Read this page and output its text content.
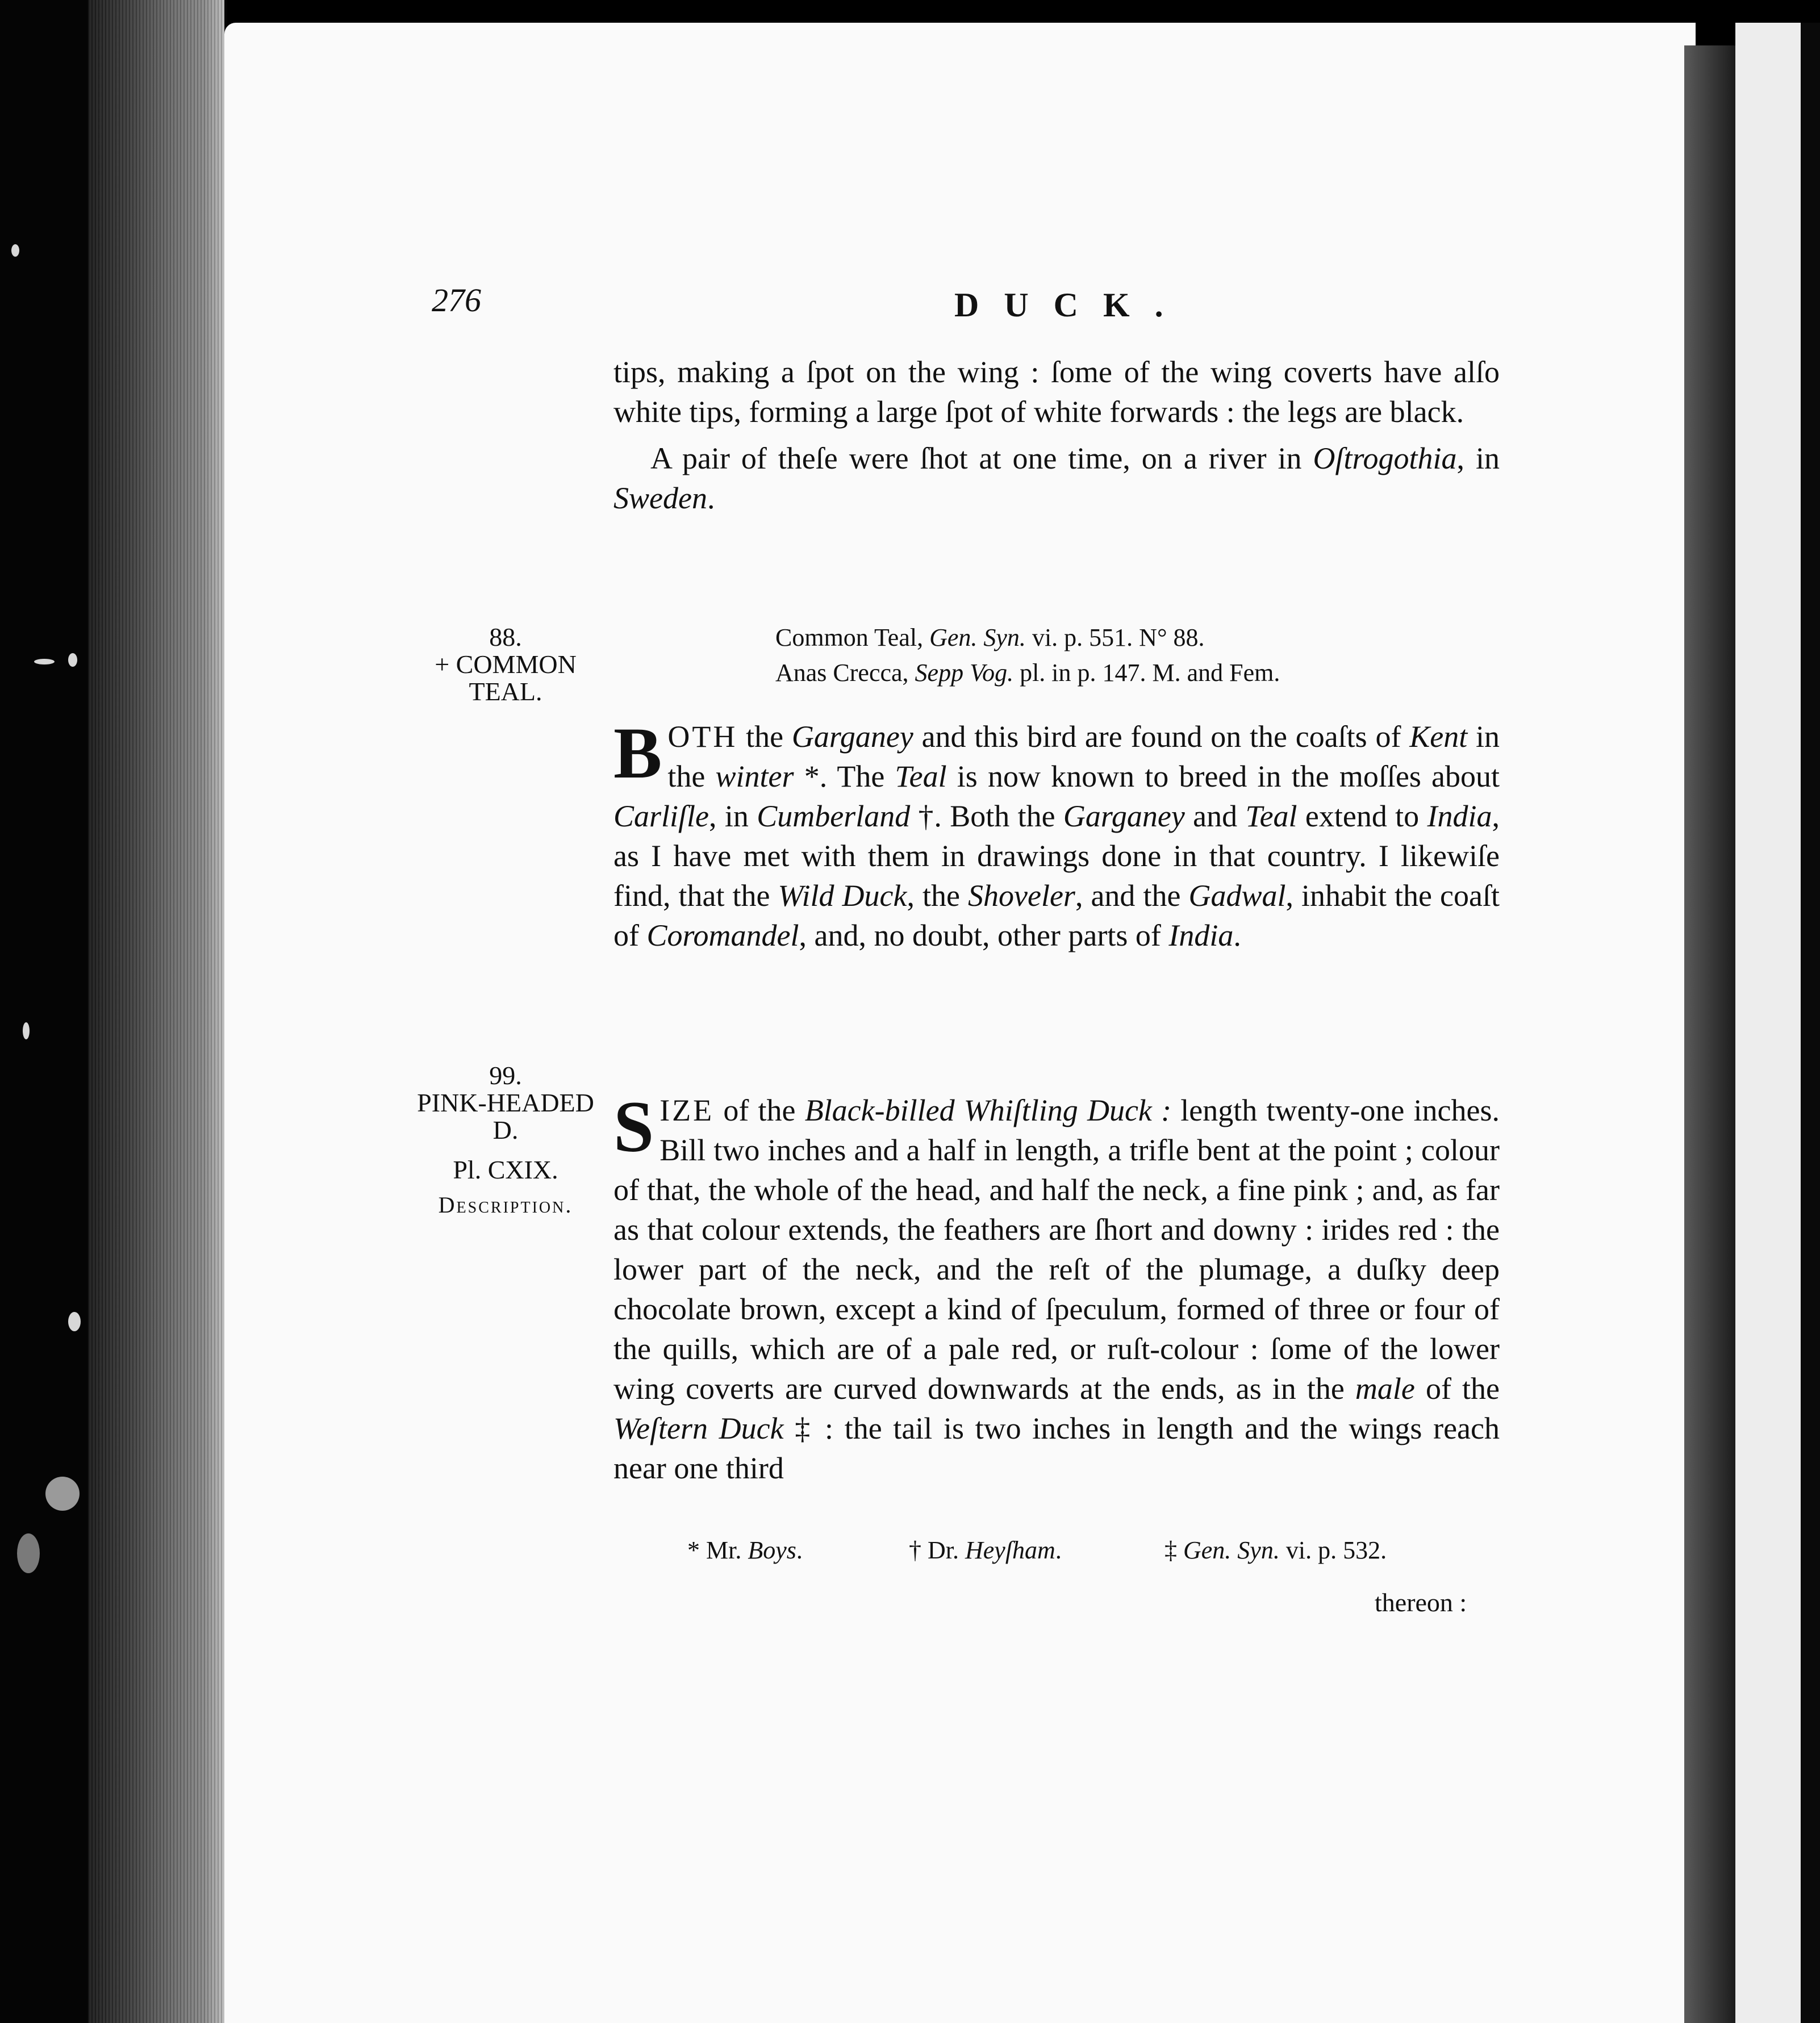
276	DUCK.

tips, making a ſpot on the wing : ſome of the wing coverts have alſo white tips, forming a large ſpot of white forwards : the legs are black.

A pair of theſe were ſhot at one time, on a river in Oſtrogothia, in Sweden.

88.
+ COMMON
TEAL.
Common Teal, Gen. Syn. vi. p. 551. N° 88.
Anas Crecca, Sepp Vog. pl. in p. 147. M. and Fem.

BOTH the Garganey and this bird are found on the coaſts of Kent in the winter *. The Teal is now known to breed in the moſſes about Carliſle, in Cumberland †. Both the Garganey and Teal extend to India, as I have met with them in drawings done in that country. I likewiſe find, that the Wild Duck, the Shoveler, and the Gadwal, inhabit the coaſt of Coromandel, and, no doubt, other parts of India.

99.
PINK-HEADED
D.
Pl. CXIX.
Description.

SIZE of the Black-billed Whiſtling Duck : length twenty-one inches. Bill two inches and a half in length, a trifle bent at the point ; colour of that, the whole of the head, and half the neck, a fine pink ; and, as far as that colour extends, the feathers are ſhort and downy : irides red : the lower part of the neck, and the reſt of the plumage, a duſky deep chocolate brown, except a kind of ſpeculum, formed of three or four of the quills, which are of a pale red, or ruſt-colour : ſome of the lower wing coverts are curved downwards at the ends, as in the male of the Weſtern Duck ‡ : the tail is two inches in length and the wings reach near one third

* Mr. Boys.	† Dr. Heyſham.	‡ Gen. Syn. vi. p. 532.
thereon :
